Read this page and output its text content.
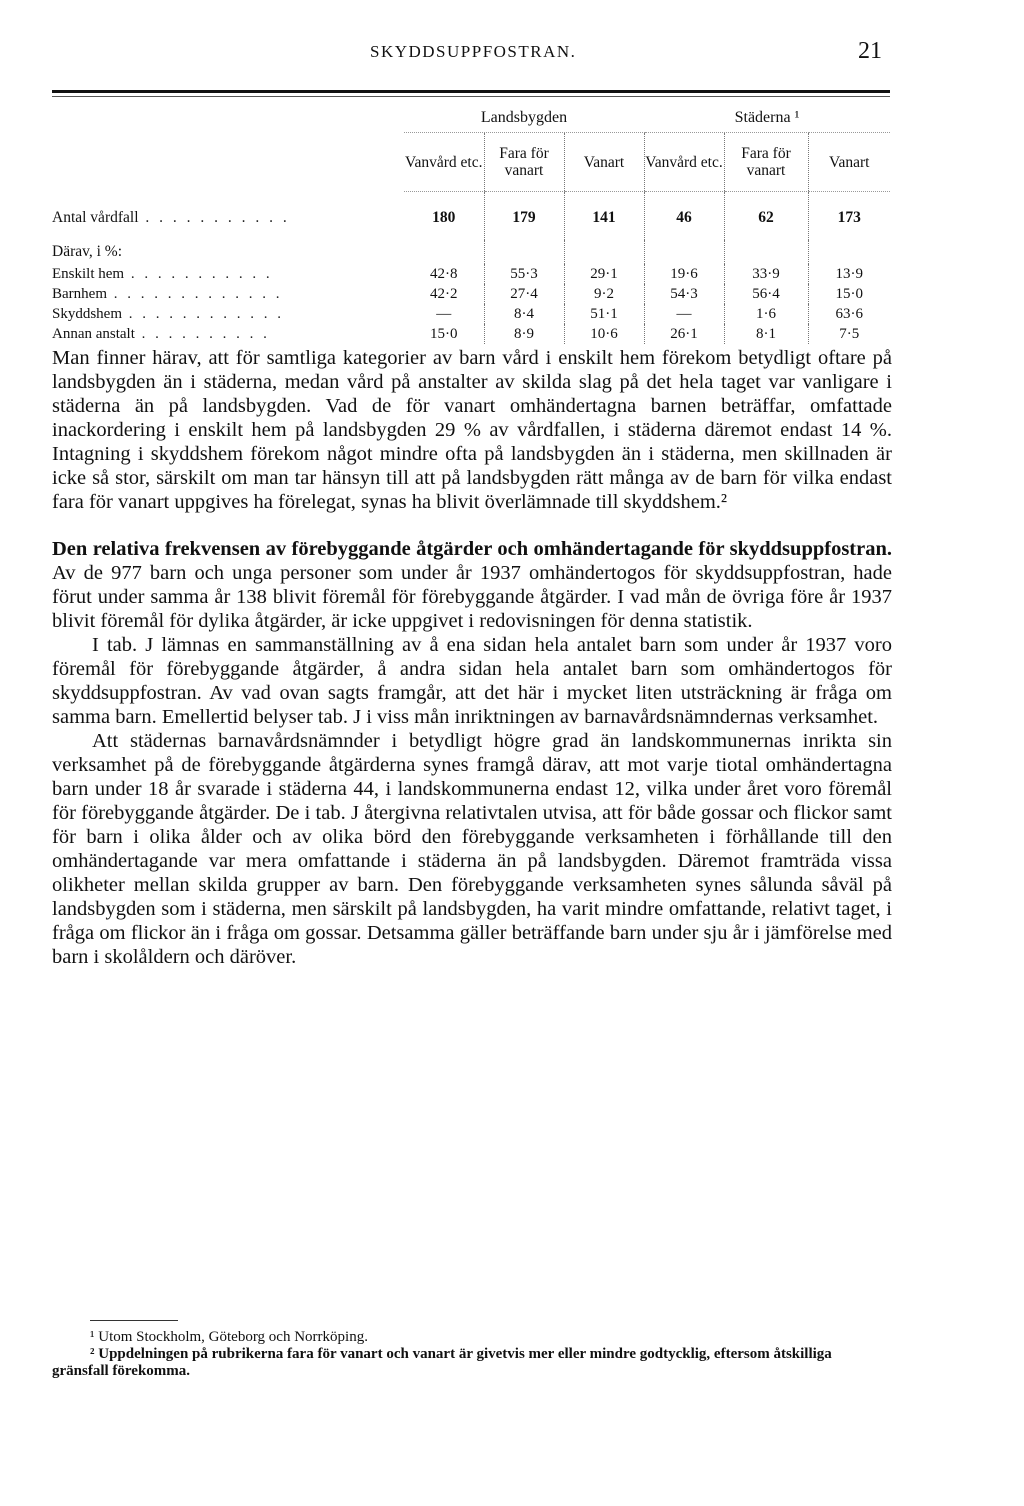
SKYDDSUPPFOSTRAN.	21
	Landsbygden			Städerna ¹		
	Vanvård etc.	Fara för vanart	Vanart	Vanvård etc.	Fara för vanart	Vanart
Antal vårdfall . . . . . . . . . . .	180	179	141	46	62	173
Därav, i %:						
Enskilt hem . . . . . . . . . . .	42·8	55·3	29·1	19·6	33·9	13·9
Barnhem . . . . . . . . . . . . .	42·2	27·4	9·2	54·3	56·4	15·0
Skyddshem . . . . . . . . . . . .	—	8·4	51·1	—	1·6	63·6
Annan anstalt . . . . . . . . . .	15·0	8·9	10·6	26·1	8·1	7·5

Man finner härav, att för samtliga kategorier av barn vård i enskilt hem förekom betydligt oftare på landsbygden än i städerna, medan vård på anstalter av skilda slag på det hela taget var vanligare i städerna än på landsbygden. Vad de för vanart omhändertagna barnen beträffar, omfattade inackordering i enskilt hem på landsbygden 29 % av vårdfallen, i städerna däremot endast 14 %. Intagning i skyddshem förekom något mindre ofta på landsbygden än i städerna, men skillnaden är icke så stor, särskilt om man tar hänsyn till att på landsbygden rätt många av de barn för vilka endast fara för vanart uppgives ha förelegat, synas ha blivit överlämnade till skyddshem.²

Den relativa frekvensen av förebyggande åtgärder och omhändertagande för skyddsuppfostran. Av de 977 barn och unga personer som under år 1937 omhändertogos för skyddsuppfostran, hade förut under samma år 138 blivit föremål för förebyggande åtgärder. I vad mån de övriga före år 1937 blivit föremål för dylika åtgärder, är icke uppgivet i redovisningen för denna statistik.

I tab. J lämnas en sammanställning av å ena sidan hela antalet barn som under år 1937 voro föremål för förebyggande åtgärder, å andra sidan hela antalet barn som omhändertogos för skyddsuppfostran. Av vad ovan sagts framgår, att det här i mycket liten utsträckning är fråga om samma barn. Emellertid belyser tab. J i viss mån inriktningen av barnavårdsnämndernas verksamhet.

Att städernas barnavårdsnämnder i betydligt högre grad än landskommunernas inrikta sin verksamhet på de förebyggande åtgärderna synes framgå därav, att mot varje tiotal omhändertagna barn under 18 år svarade i städerna 44, i landskommunerna endast 12, vilka under året voro föremål för förebyggande åtgärder. De i tab. J återgivna relativtalen utvisa, att för både gossar och flickor samt för barn i olika ålder och av olika börd den förebyggande verksamheten i förhållande till den omhändertagande var mera omfattande i städerna än på landsbygden. Däremot framträda vissa olikheter mellan skilda grupper av barn. Den förebyggande verksamheten synes sålunda såväl på landsbygden som i städerna, men särskilt på landsbygden, ha varit mindre omfattande, relativt taget, i fråga om flickor än i fråga om gossar. Detsamma gäller beträffande barn under sju år i jämförelse med barn i skolåldern och däröver.

¹ Utom Stockholm, Göteborg och Norrköping.

² Uppdelningen på rubrikerna fara för vanart och vanart är givetvis mer eller mindre godtycklig, eftersom åtskilliga gränsfall förekomma.
